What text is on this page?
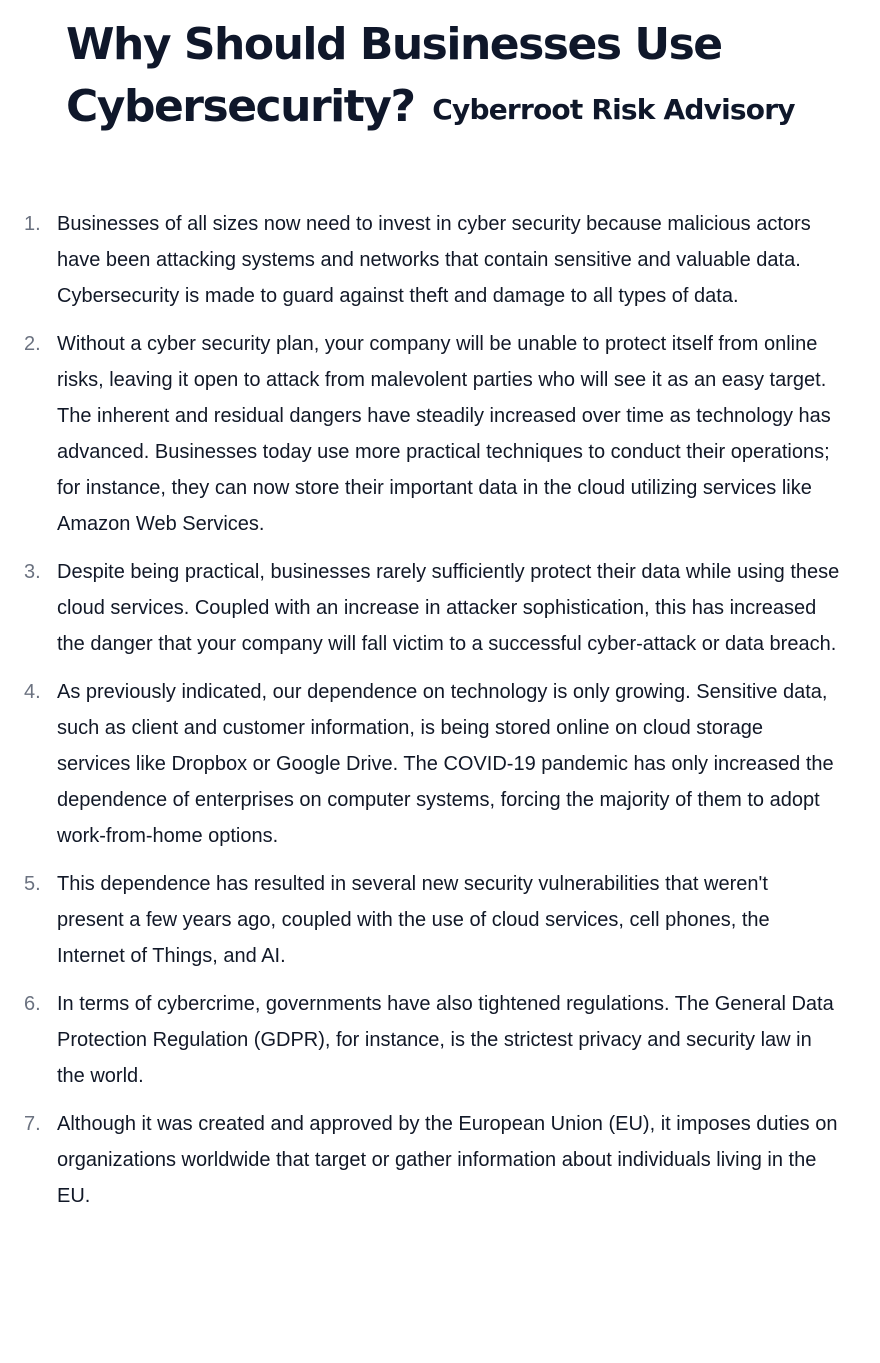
Why Should Businesses Use Cybersecurity? Cyberroot Risk Advisory
1. Businesses of all sizes now need to invest in cyber security because malicious actors have been attacking systems and networks that contain sensitive and valuable data. Cybersecurity is made to guard against theft and damage to all types of data.
2. Without a cyber security plan, your company will be unable to protect itself from online risks, leaving it open to attack from malevolent parties who will see it as an easy target. The inherent and residual dangers have steadily increased over time as technology has advanced. Businesses today use more practical techniques to conduct their operations; for instance, they can now store their important data in the cloud utilizing services like Amazon Web Services.
3. Despite being practical, businesses rarely sufficiently protect their data while using these cloud services. Coupled with an increase in attacker sophistication, this has increased the danger that your company will fall victim to a successful cyber-attack or data breach.
4. As previously indicated, our dependence on technology is only growing. Sensitive data, such as client and customer information, is being stored online on cloud storage services like Dropbox or Google Drive. The COVID-19 pandemic has only increased the dependence of enterprises on computer systems, forcing the majority of them to adopt work-from-home options.
5. This dependence has resulted in several new security vulnerabilities that weren't present a few years ago, coupled with the use of cloud services, cell phones, the Internet of Things, and AI.
6. In terms of cybercrime, governments have also tightened regulations. The General Data Protection Regulation (GDPR), for instance, is the strictest privacy and security law in the world.
7. Although it was created and approved by the European Union (EU), it imposes duties on organizations worldwide that target or gather information about individuals living in the EU.
